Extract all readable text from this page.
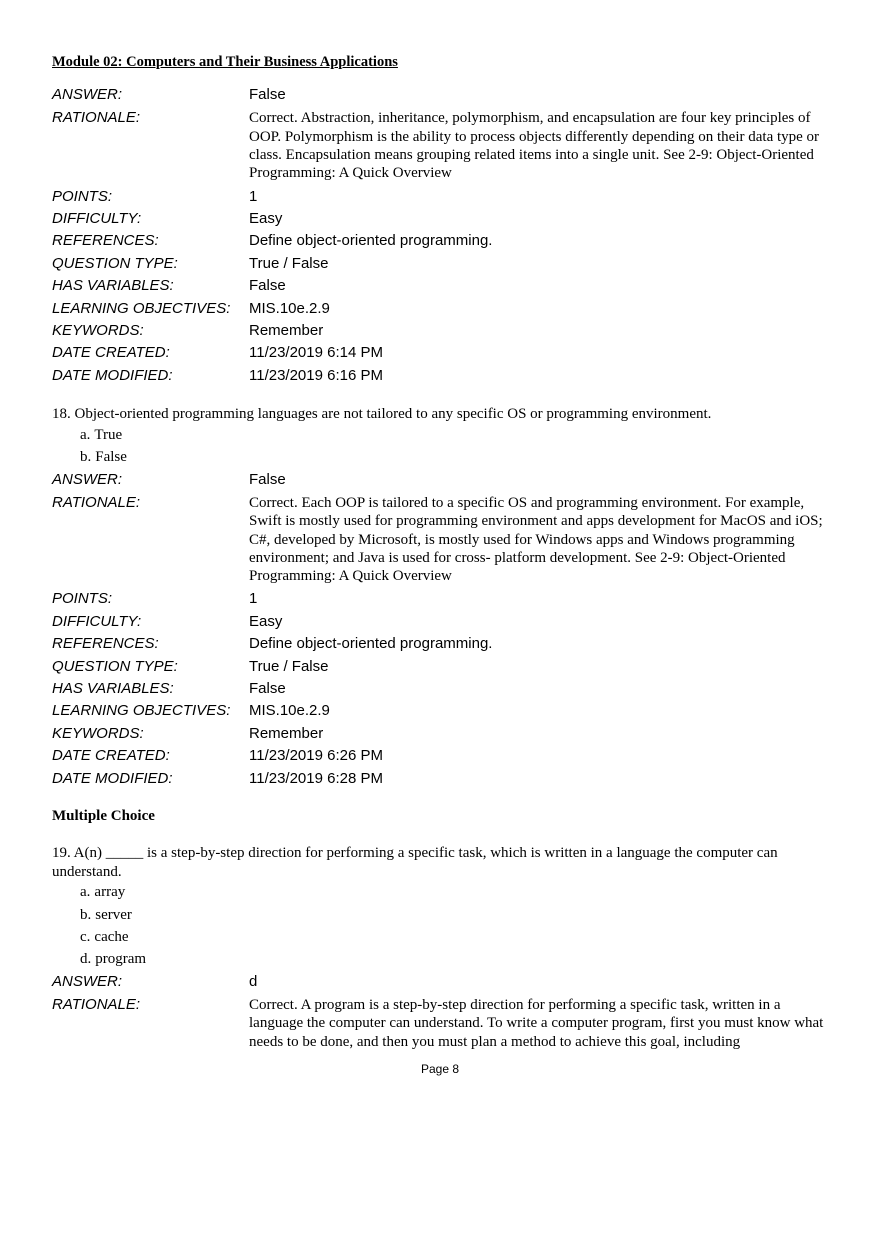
Module 02: Computers and Their Business Applications
ANSWER:	False
RATIONALE:	Correct. Abstraction, inheritance, polymorphism, and encapsulation are four key principles of OOP. Polymorphism is the ability to process objects differently depending on their data type or class. Encapsulation means grouping related items into a single unit. See 2-9: Object-Oriented Programming: A Quick Overview
POINTS:	1
DIFFICULTY:	Easy
REFERENCES:	Define object-oriented programming.
QUESTION TYPE:	True / False
HAS VARIABLES:	False
LEARNING OBJECTIVES:	MIS.10e.2.9
KEYWORDS:	Remember
DATE CREATED:	11/23/2019 6:14 PM
DATE MODIFIED:	11/23/2019 6:16 PM
18. Object-oriented programming languages are not tailored to any specific OS or programming environment.
a. True
b. False
ANSWER:	False
RATIONALE:	Correct. Each OOP is tailored to a specific OS and programming environment. For example, Swift is mostly used for programming environment and apps development for MacOS and iOS; C#, developed by Microsoft, is mostly used for Windows apps and Windows programming environment; and Java is used for cross- platform development. See 2-9: Object-Oriented Programming: A Quick Overview
POINTS:	1
DIFFICULTY:	Easy
REFERENCES:	Define object-oriented programming.
QUESTION TYPE:	True / False
HAS VARIABLES:	False
LEARNING OBJECTIVES:	MIS.10e.2.9
KEYWORDS:	Remember
DATE CREATED:	11/23/2019 6:26 PM
DATE MODIFIED:	11/23/2019 6:28 PM
Multiple Choice
19. A(n) _____ is a step-by-step direction for performing a specific task, which is written in a language the computer can understand.
a. array
b. server
c. cache
d. program
ANSWER:	d
RATIONALE:	Correct. A program is a step-by-step direction for performing a specific task, written in a language the computer can understand. To write a computer program, first you must know what needs to be done, and then you must plan a method to achieve this goal, including
Page 8
